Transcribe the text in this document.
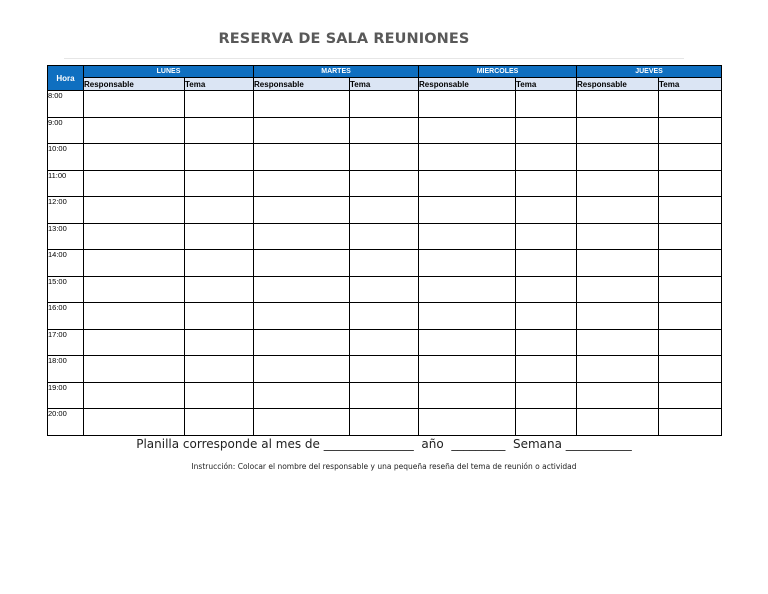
RESERVA DE SALA REUNIONES
Hora	LUNES		MARTES		MIERCOLES		JUEVES	
	Responsable	Tema	Responsable	Tema	Responsable	Tema	Responsable	Tema
8:00								
9:00								
10:00								
11:00								
12:00								
13:00								
14:00								
15:00								
16:00								
17:00								
18:00								
19:00								
20:00								
Planilla corresponde al mes de _______________ año _________ Semana ___________
Instrucción: Colocar el nombre del responsable y una pequeña reseña del tema de reunión o actividad
